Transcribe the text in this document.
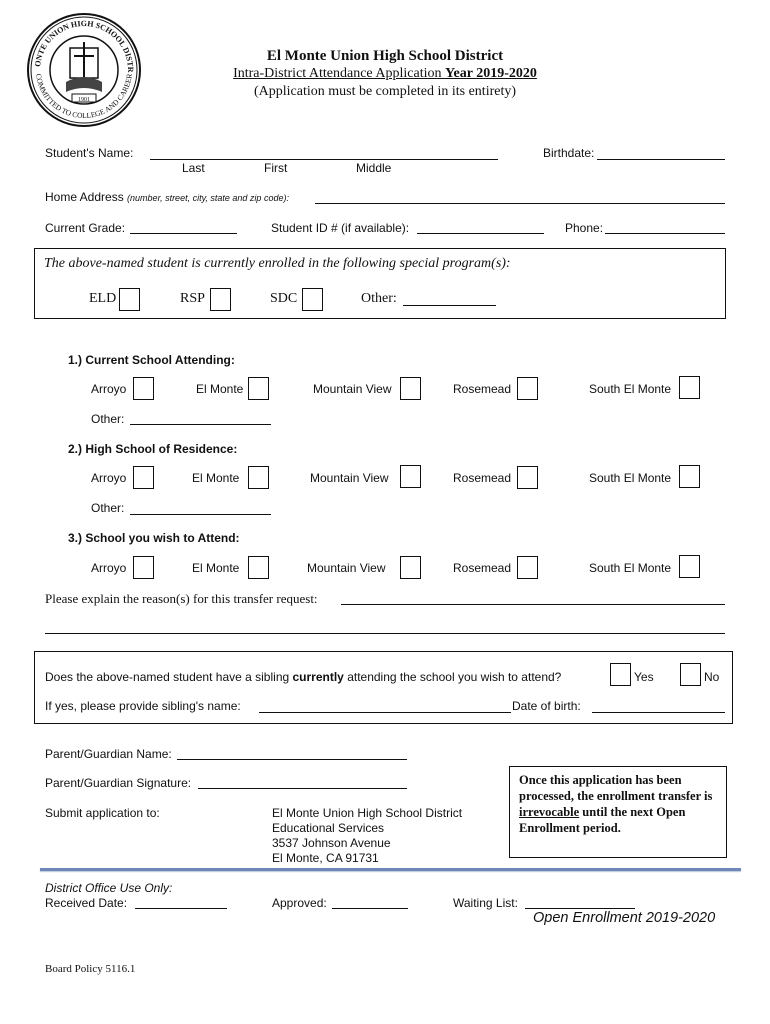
ONTE UNION HIGH SCHOOL DISTR
COMMITTED TO COLLEGE AND CAREER
1901
El Monte Union High School District
Intra-District Attendance Application Year 2019-2020
(Application must be completed in its entirety)
Student's Name:
Last	First	Middle
Birthdate:
Home Address (number, street, city, state and zip code):
Current Grade:	Student ID # (if available):	Phone:
The above-named student is currently enrolled in the following special program(s):
ELD	RSP	SDC	Other:
1.) Current School Attending:
Arroyo	El Monte	Mountain View	Rosemead	South El Monte
Other:
2.) High School of Residence:
Arroyo	El Monte	Mountain View	Rosemead	South El Monte
Other:
3.) School you wish to Attend:
Arroyo	El Monte	Mountain View	Rosemead	South El Monte
Please explain the reason(s) for this transfer request:
Does the above-named student have a sibling currently attending the school you wish to attend?	Yes	No
If yes, please provide sibling's name:	Date of birth:
Parent/Guardian Name:
Parent/Guardian Signature:
Submit application to:	El Monte Union High School District
Educational Services
3537 Johnson Avenue
El Monte, CA 91731
Once this application has been processed, the enrollment transfer is irrevocable until the next Open Enrollment period.
District Office Use Only:
Received Date:	Approved:	Waiting List:
Open Enrollment 2019-2020
Board Policy 5116.1
